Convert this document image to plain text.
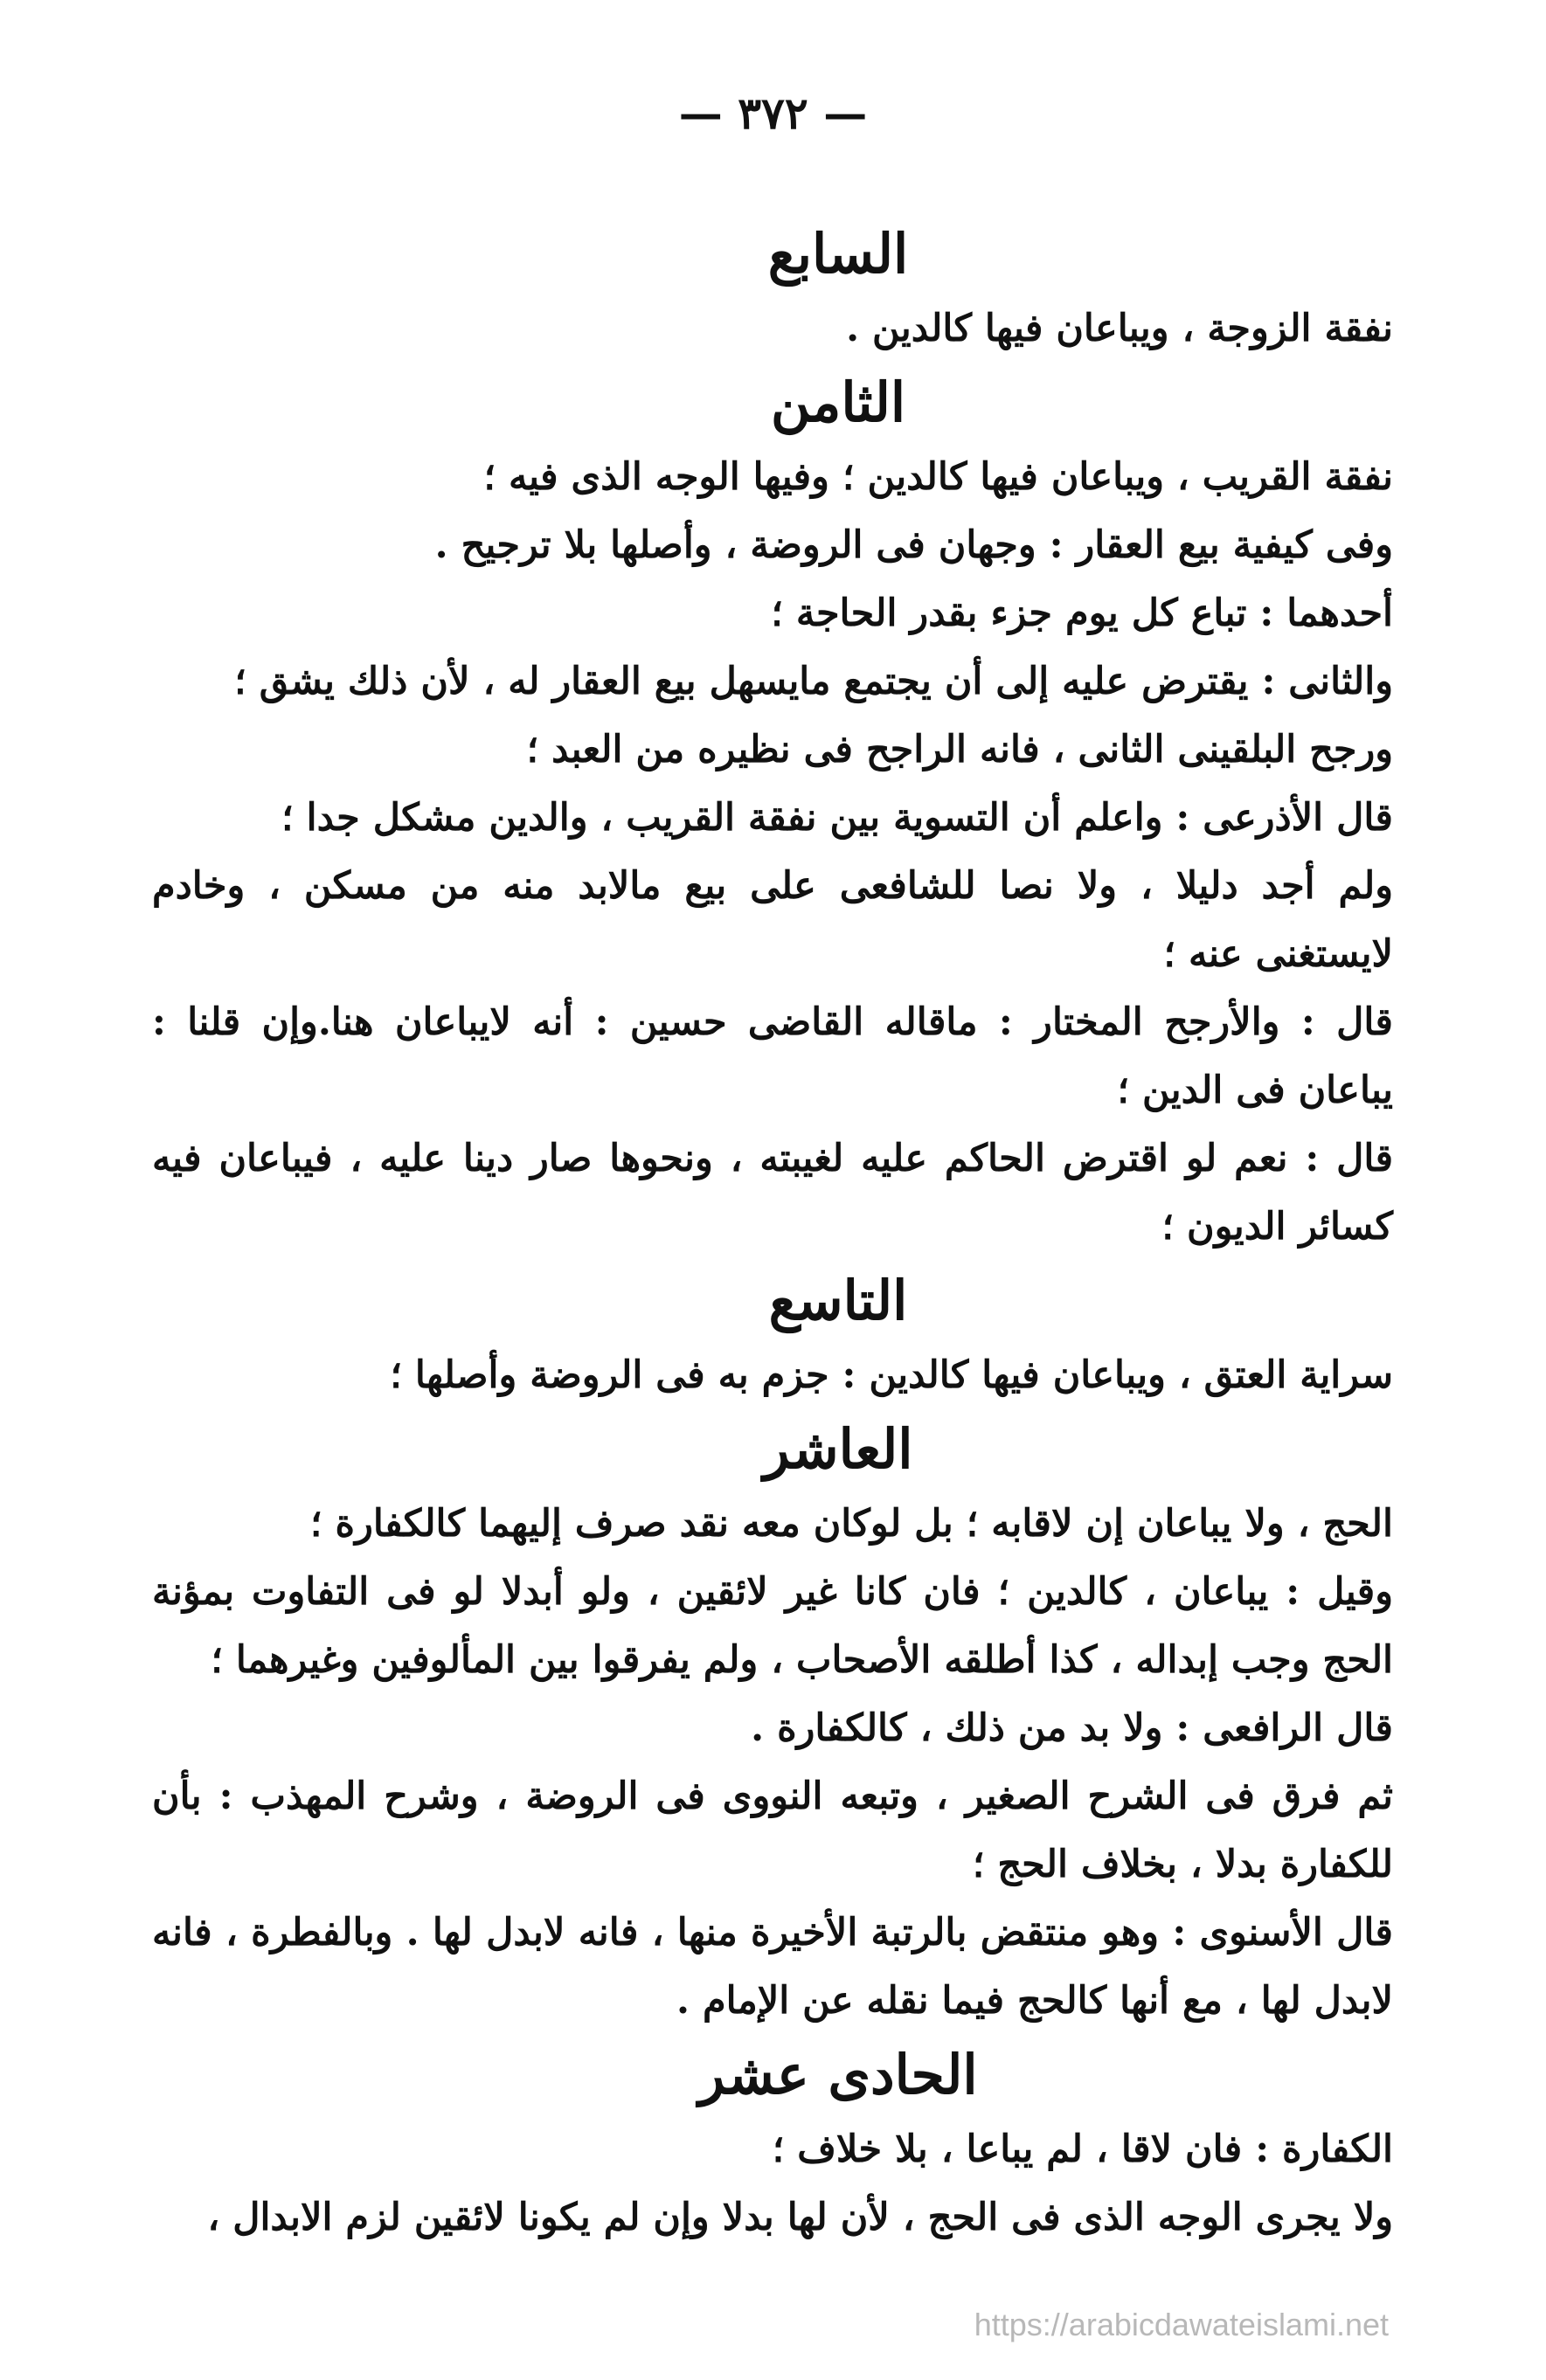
— ٣٧٢ —
السابع
نفقة الزوجة ، ويباعان فيها كالدين .
الثامن
نفقة القريب ، ويباعان فيها كالدين ؛ وفيها الوجه الذى فيه ؛
وفى كيفية بيع العقار : وجهان فى الروضة ، وأصلها بلا ترجيح .
أحدهما : تباع كل يوم جزء بقدر الحاجة ؛
والثانى : يقترض عليه إلى أن يجتمع مايسهل بيع العقار له ، لأن ذلك يشق ؛
ورجح البلقينى الثانى ، فانه الراجح فى نظيره من العبد ؛
قال الأذرعى : واعلم أن التسوية بين نفقة القريب ، والدين مشكل جدا ؛
ولم أجد دليلا ، ولا نصا للشافعى على بيع مالابد منه من مسكن ، وخادم لايستغنى عنه ؛
قال : والأرجح المختار : ماقاله القاضى حسين : أنه لايباعان هنا.وإن قلنا : يباعان فى الدين ؛
قال : نعم لو اقترض الحاكم عليه لغيبته ، ونحوها صار دينا عليه ، فيباعان فيه كسائر الديون ؛
التاسع
سراية العتق ، ويباعان فيها كالدين : جزم به فى الروضة وأصلها ؛
العاشر
الحج ، ولا يباعان إن لاقابه ؛ بل لوكان معه نقد صرف إليهما كالكفارة ؛
وقيل : يباعان ، كالدين ؛ فان كانا غير لائقين ، ولو أبدلا لو فى التفاوت بمؤنة الحج وجب إبداله ، كذا أطلقه الأصحاب ، ولم يفرقوا بين المألوفين وغيرهما ؛
قال الرافعى : ولا بد من ذلك ، كالكفارة .
ثم فرق فى الشرح الصغير ، وتبعه النووى فى الروضة ، وشرح المهذب : بأن للكفارة بدلا ، بخلاف الحج ؛
قال الأسنوى : وهو منتقض بالرتبة الأخيرة منها ، فانه لابدل لها . وبالفطرة ، فانه لابدل لها ، مع أنها كالحج فيما نقله عن الإمام .
الحادى عشر
الكفارة : فان لاقا ، لم يباعا ، بلا خلاف ؛
ولا يجرى الوجه الذى فى الحج ، لأن لها بدلا وإن لم يكونا لائقين لزم الابدال ،
https://arabicdawateislami.net
